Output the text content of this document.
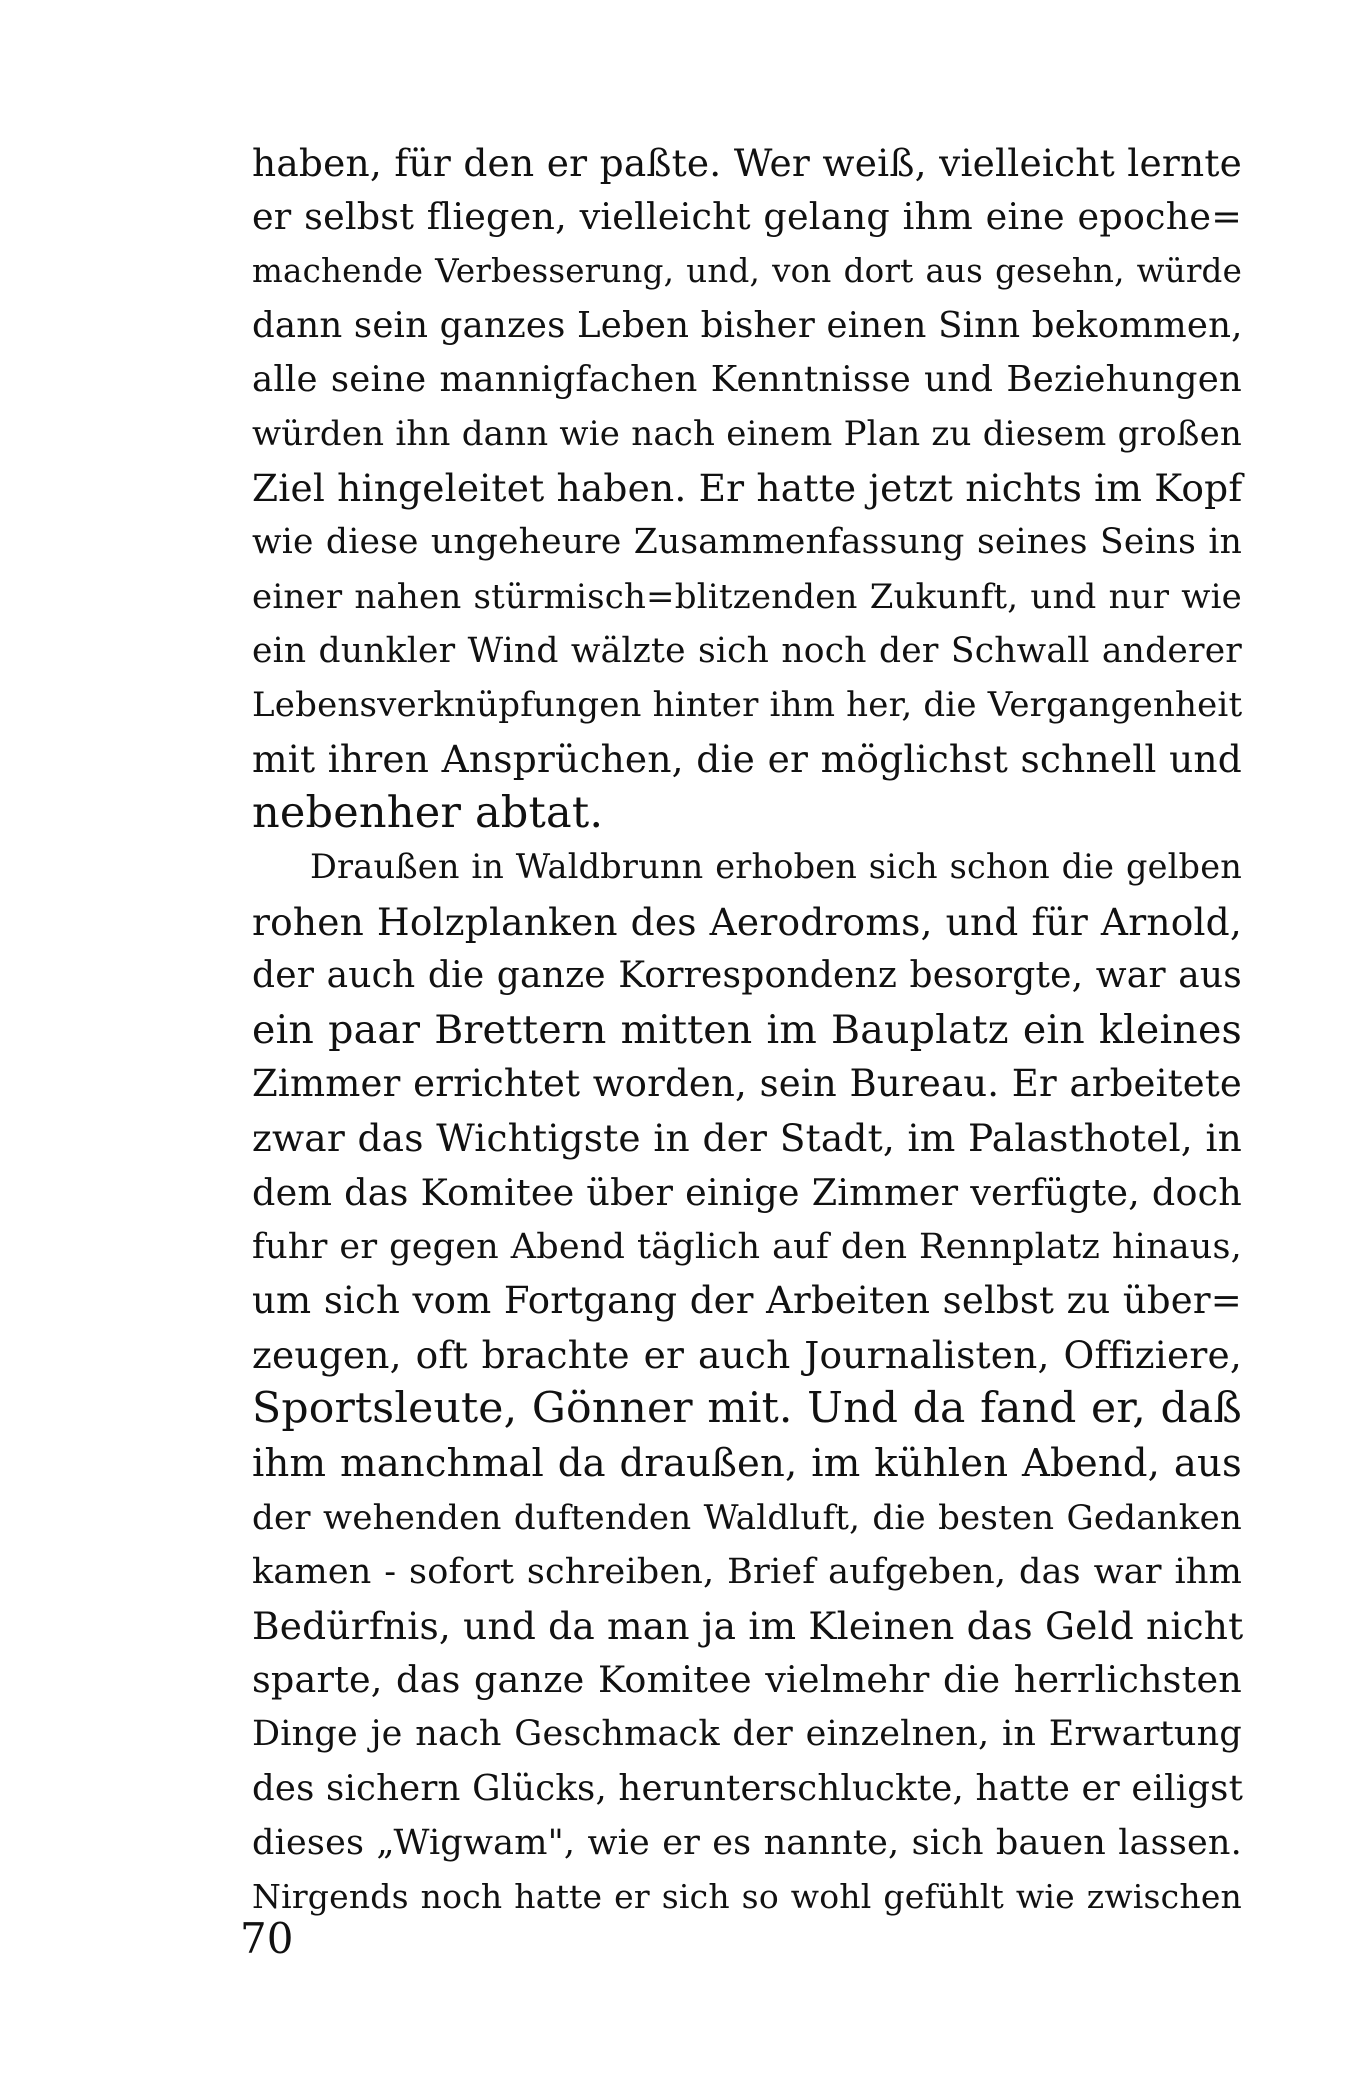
haben, für den er paßte. Wer weiß, vielleicht lernte
er selbst fliegen, vielleicht gelang ihm eine epoche=
machende Verbesserung, und, von dort aus gesehn, würde
dann sein ganzes Leben bisher einen Sinn bekommen,
alle seine mannigfachen Kenntnisse und Beziehungen
würden ihn dann wie nach einem Plan zu diesem großen
Ziel hingeleitet haben. Er hatte jetzt nichts im Kopf
wie diese ungeheure Zusammenfassung seines Seins in
einer nahen stürmisch=blitzenden Zukunft, und nur wie
ein dunkler Wind wälzte sich noch der Schwall anderer
Lebensverknüpfungen hinter ihm her, die Vergangenheit
mit ihren Ansprüchen, die er möglichst schnell und
nebenher abtat.
Draußen in Waldbrunn erhoben sich schon die gelben
rohen Holzplanken des Aerodroms, und für Arnold,
der auch die ganze Korrespondenz besorgte, war aus
ein paar Brettern mitten im Bauplatz ein kleines
Zimmer errichtet worden, sein Bureau. Er arbeitete
zwar das Wichtigste in der Stadt, im Palasthotel, in
dem das Komitee über einige Zimmer verfügte, doch
fuhr er gegen Abend täglich auf den Rennplatz hinaus,
um sich vom Fortgang der Arbeiten selbst zu über=
zeugen, oft brachte er auch Journalisten, Offiziere,
Sportsleute, Gönner mit. Und da fand er, daß
ihm manchmal da draußen, im kühlen Abend, aus
der wehenden duftenden Waldluft, die besten Gedanken
kamen - sofort schreiben, Brief aufgeben, das war ihm
Bedürfnis, und da man ja im Kleinen das Geld nicht
sparte, das ganze Komitee vielmehr die herrlichsten
Dinge je nach Geschmack der einzelnen, in Erwartung
des sichern Glücks, herunterschluckte, hatte er eiligst
dieses „Wigwam", wie er es nannte, sich bauen lassen.
Nirgends noch hatte er sich so wohl gefühlt wie zwischen
70
